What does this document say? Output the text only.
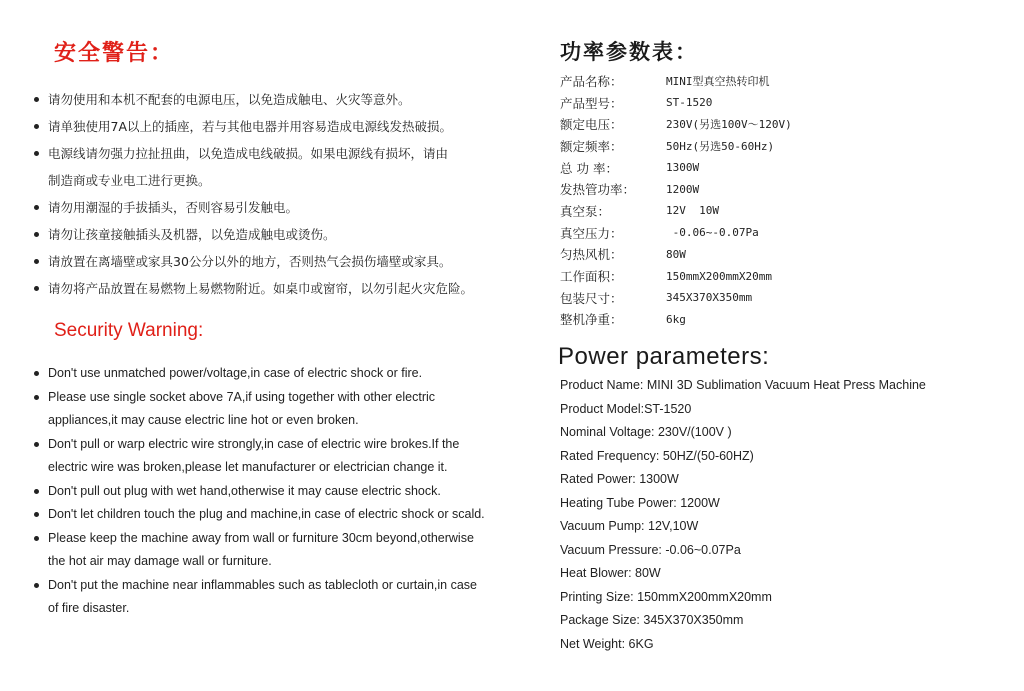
安全警告：
请勿使用和本机不配套的电源电压，以免造成触电、火灾等意外。
请单独使用7A以上的插座，若与其他电器并用容易造成电源线发热破损。
电源线请勿强力拉扯扭曲，以免造成电线破损。如果电源线有损坏，请由
制造商或专业电工进行更换。
请勿用潮湿的手拔插头，否则容易引发触电。
请勿让孩童接触插头及机器，以免造成触电或烫伤。
请放置在离墙壁或家具30公分以外的地方，否则热气会损伤墙壁或家具。
请勿将产品放置在易燃物上易燃物附近。如桌巾或窗帘，以勿引起火灾危险。
Security Warning:
Don't use unmatched power/voltage,in case of electric shock or fire.
Please use single socket above 7A,if using together with other electric
appliances,it may cause electric line hot or even broken.
Don't pull or warp electric wire strongly,in case of electric wire brokes.If the
electric wire was broken,please let manufacturer or electrician change it.
Don't pull out plug with wet hand,otherwise it may cause electric shock.
Don't let children touch the plug and machine,in case of electric shock or scald.
Please keep the machine away from wall or furniture 30cm beyond,otherwise
the hot air may damage wall or furniture.
Don't put the machine near inflammables such as tablecloth or curtain,in case
of fire disaster.
功率参数表：
产品名称：	MINI型真空热转印机
产品型号：	ST-1520
额定电压：	230V(另选100V～120V)
额定频率：	50Hz(另选50-60Hz)
总 功 率：	1300W
发热管功率：	1200W
真空泵：	12V  10W
真空压力：	-0.06~-0.07Pa
匀热风机：	80W
工作面积：	150mmX200mmX20mm
包装尺寸：	345X370X350mm
整机净重：	6kg
Power parameters:
Product Name: MINI 3D Sublimation Vacuum Heat Press Machine
Product Model:ST-1520
Nominal Voltage: 230V/(100V )
Rated Frequency: 50HZ/(50-60HZ)
Rated Power: 1300W
Heating Tube Power: 1200W
Vacuum Pump: 12V,10W
Vacuum Pressure: -0.06~0.07Pa
Heat Blower: 80W
Printing Size: 150mmX200mmX20mm
Package Size: 345X370X350mm
Net Weight: 6KG
